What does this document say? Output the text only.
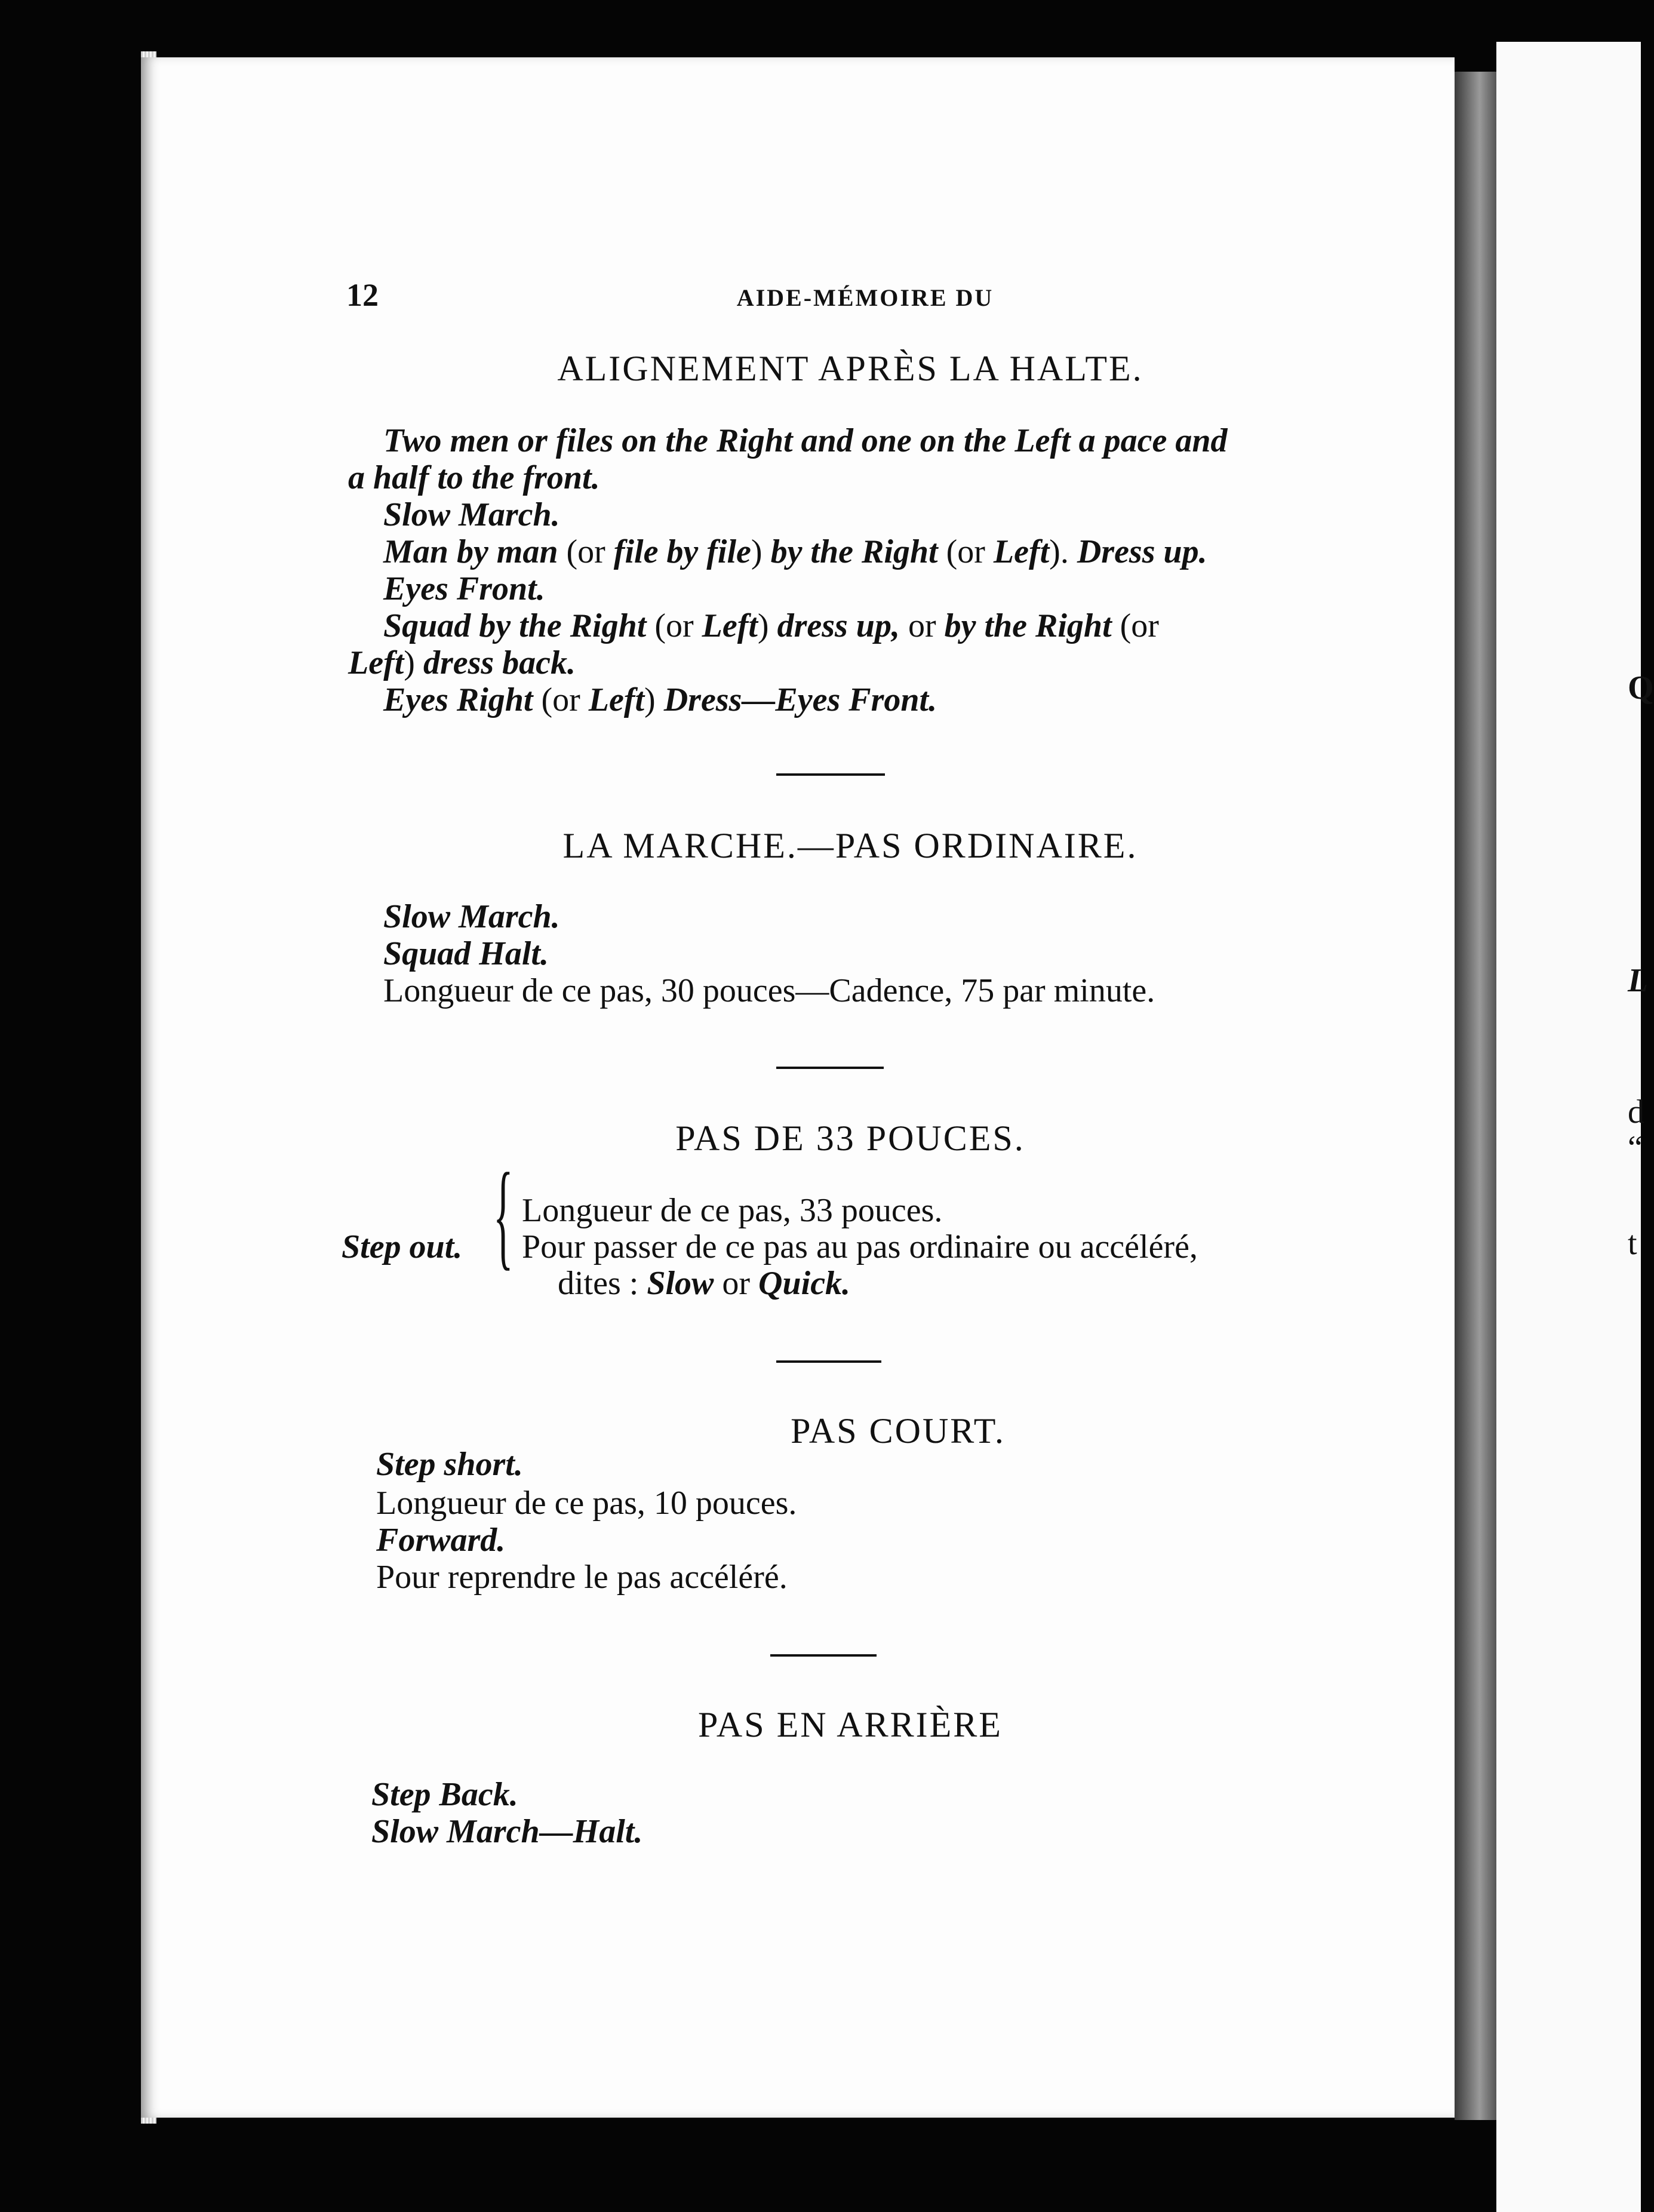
Q
L
d
“
t
12	AIDE-MÉMOIRE DU
ALIGNEMENT APRÈS LA HALTE.
Two men or files on the Right and one on the Left a pace and
a half to the front.
Slow March.
Man by man (or file by file) by the Right (or Left). Dress up.
Eyes Front.
Squad by the Right (or Left) dress up, or by the Right (or
Left) dress back.
Eyes Right (or Left) Dress—Eyes Front.
LA MARCHE.—PAS ORDINAIRE.
Slow March.
Squad Halt.
Longueur de ce pas, 30 pouces—Cadence, 75 par minute.
PAS DE 33 POUCES.
Step out. { Longueur de ce pas, 33 pouces.
Pour passer de ce pas au pas ordinaire ou accéléré,
dites : Slow or Quick.
PAS COURT.
Step short.
Longueur de ce pas, 10 pouces.
Forward.
Pour reprendre le pas accéléré.
PAS EN ARRIÈRE
Step Back.
Slow March—Halt.
